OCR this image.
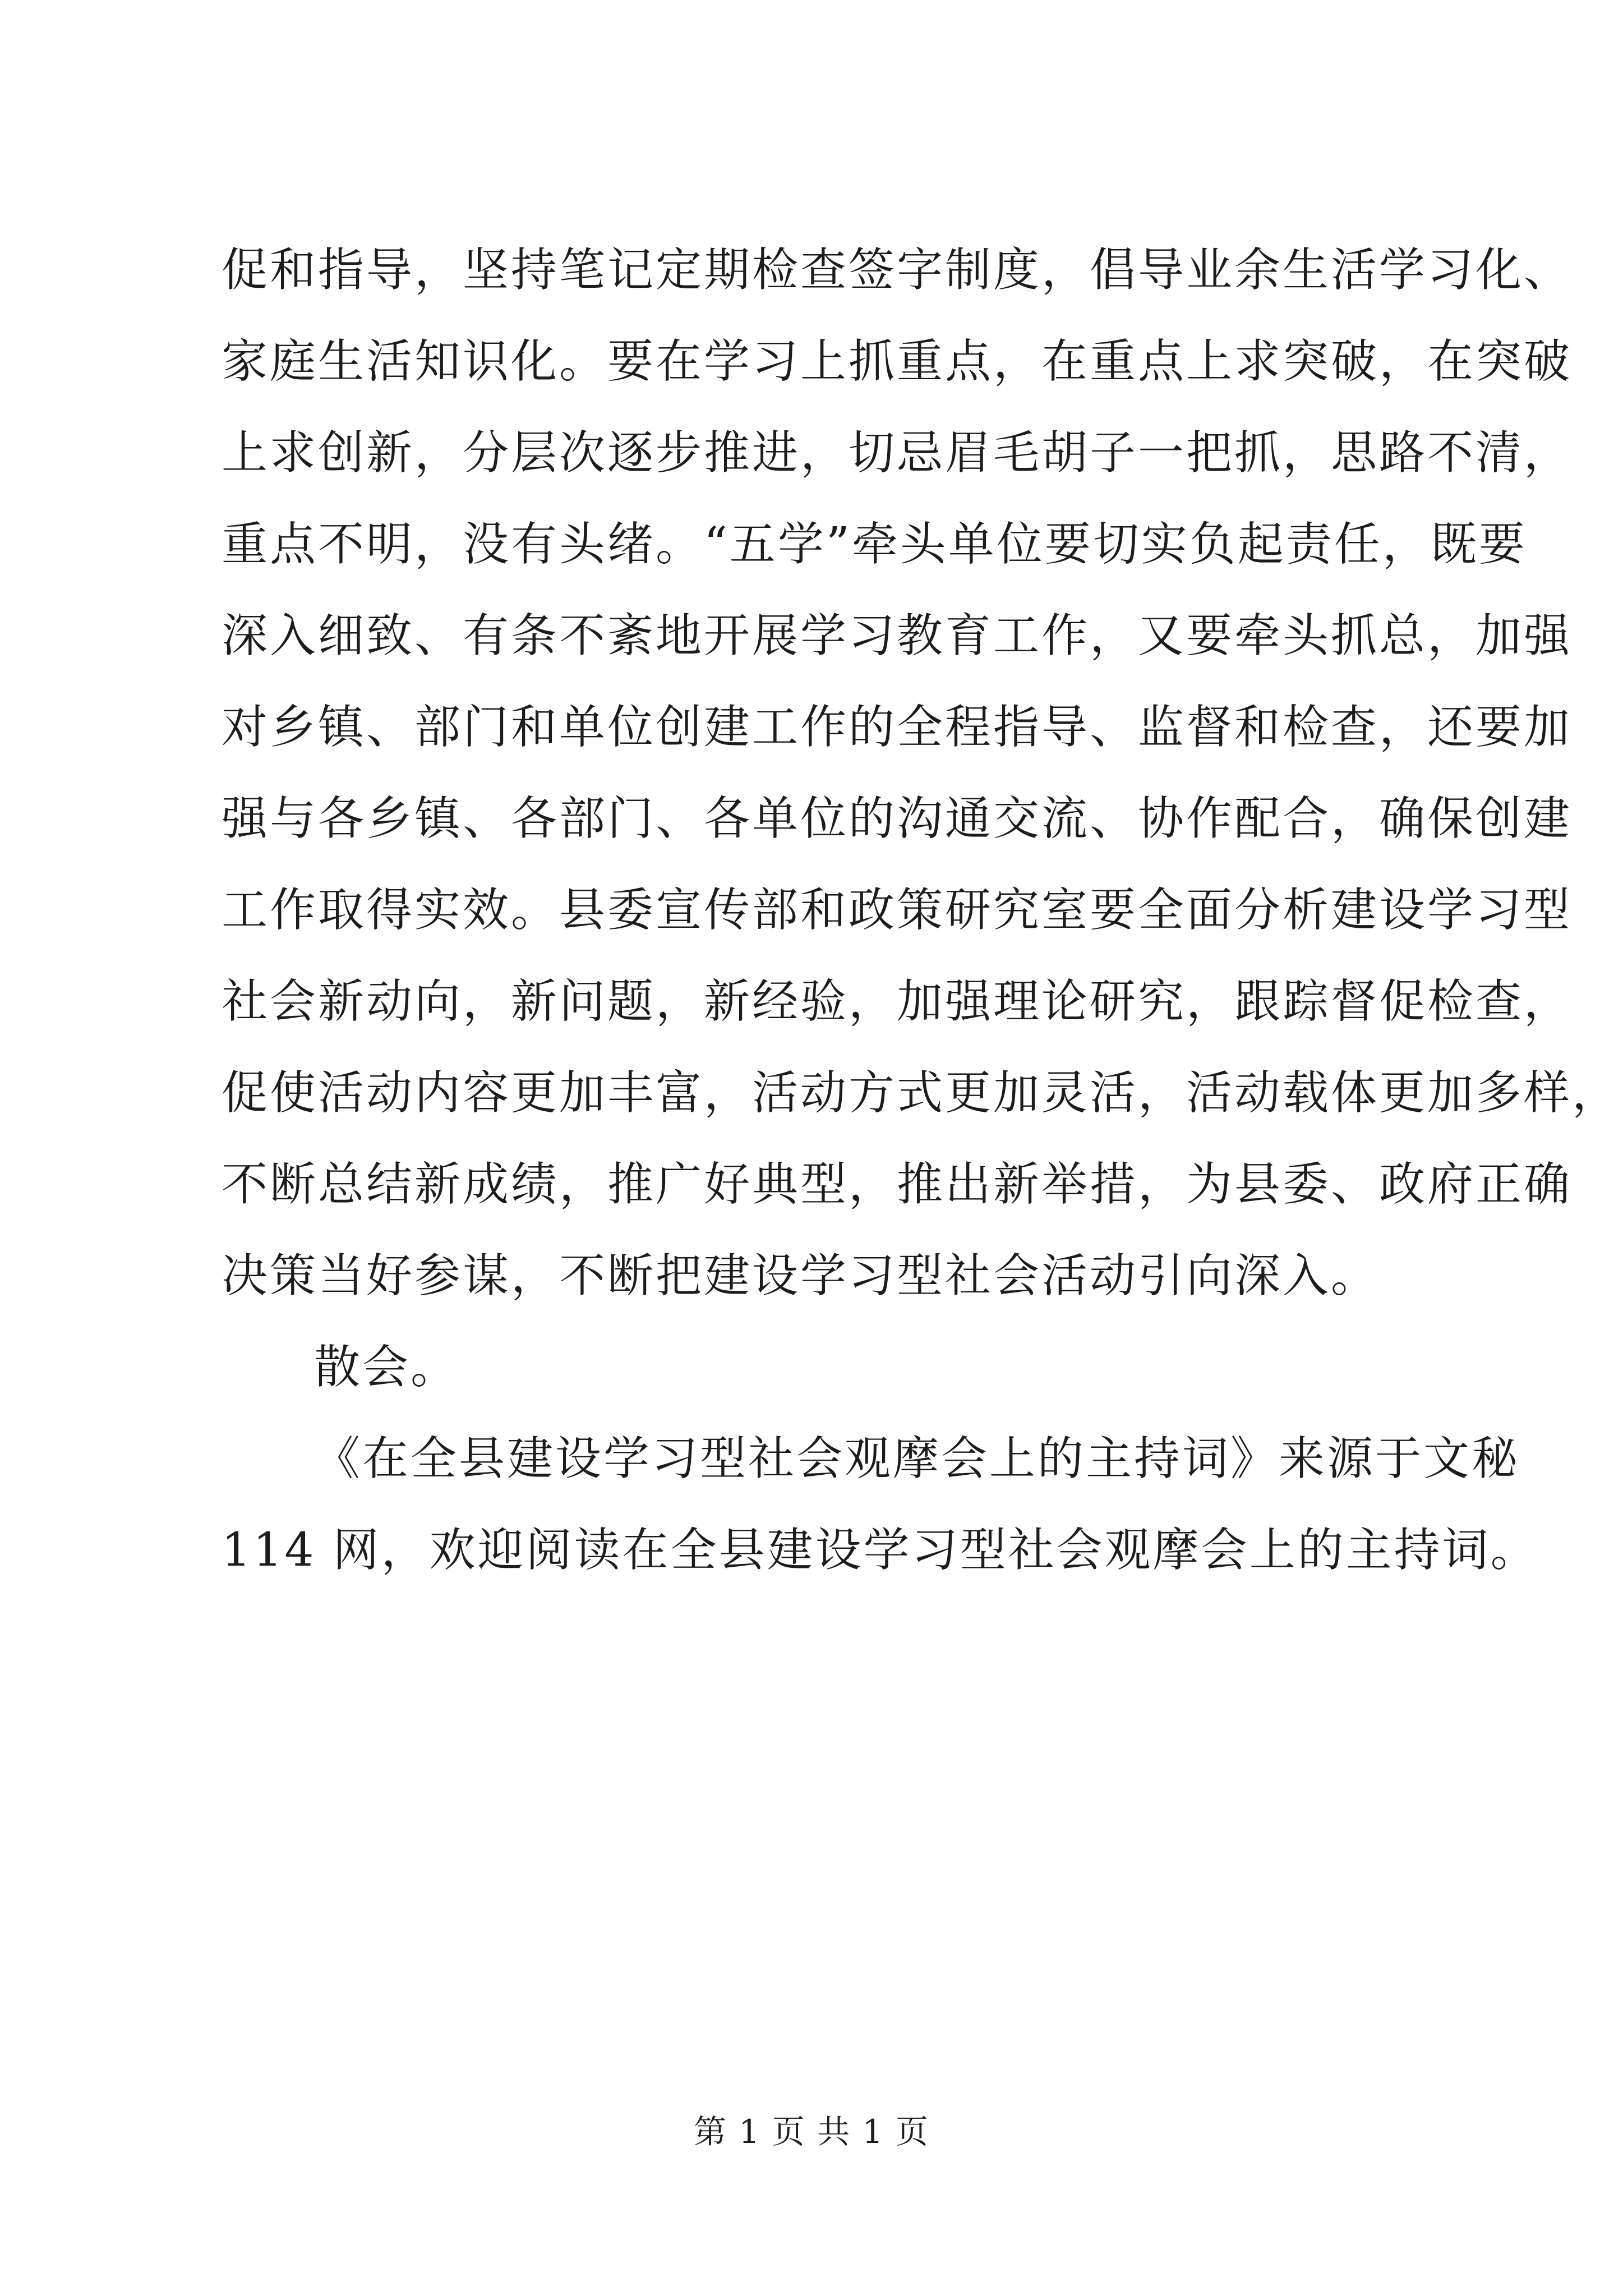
促和指导，坚持笔记定期检查签字制度，倡导业余生活学习化、
家庭生活知识化。要在学习上抓重点，在重点上求突破，在突破
上求创新，分层次逐步推进，切忌眉毛胡子一把抓，思路不清，
重点不明，没有头绪。“五学”牵头单位要切实负起责任，既要
深入细致、有条不紊地开展学习教育工作，又要牵头抓总，加强
对乡镇、部门和单位创建工作的全程指导、监督和检查，还要加
强与各乡镇、各部门、各单位的沟通交流、协作配合，确保创建
工作取得实效。县委宣传部和政策研究室要全面分析建设学习型
社会新动向，新问题，新经验，加强理论研究，跟踪督促检查，
促使活动内容更加丰富，活动方式更加灵活，活动载体更加多样，
不断总结新成绩，推广好典型，推出新举措，为县委、政府正确
决策当好参谋，不断把建设学习型社会活动引向深入。
散会。
《在全县建设学习型社会观摩会上的主持词》来源于文秘
114 网，欢迎阅读在全县建设学习型社会观摩会上的主持词。
第 1 页 共 1 页
